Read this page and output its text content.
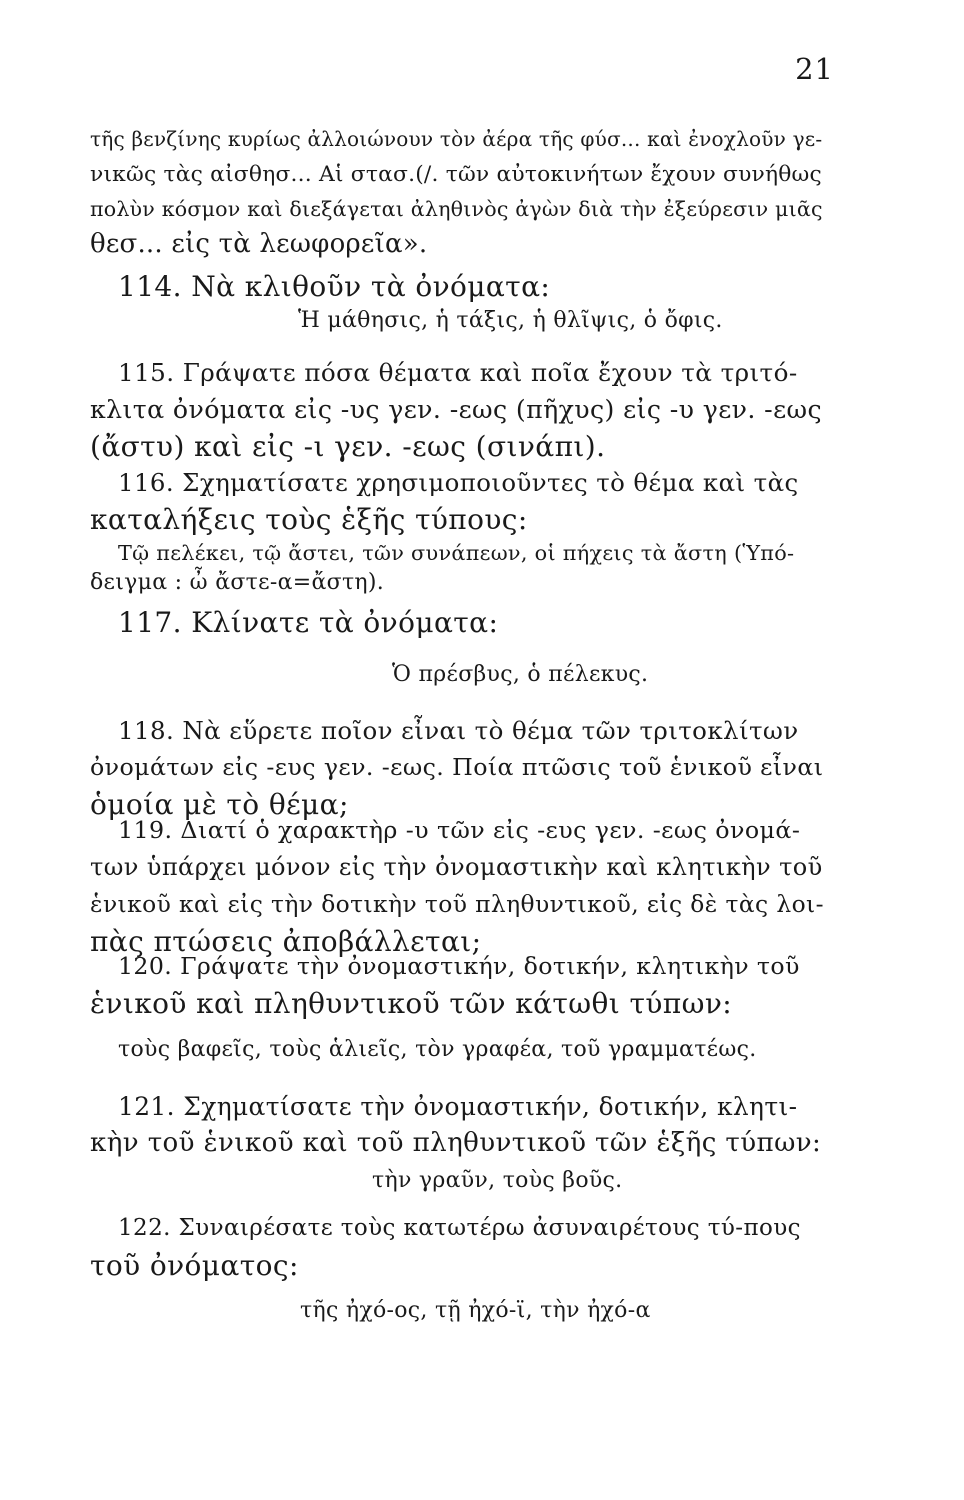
21
τῆς βενζίνης κυρίως ἀλλοιώνουν τὸν ἀέρα τῆς φύσ... καὶ ἐνοχλοῦν γε-
νικῶς τὰς αἰσθησ... Αἱ στασ.(/. τῶν αὐτοκινήτων ἔχουν συνήθως
πολὺν κόσμον καὶ διεξάγεται ἀληθινὸς ἀγὼν διὰ τὴν ἐξεύρεσιν μιᾶς
θεσ... εἰς τὰ λεωφορεῖα».
114. Νὰ κλιθοῦν τὰ ὀνόματα:
Ἡ μάθησις, ἡ τάξις, ἡ θλῖψις, ὁ ὄφις.
115. Γράψατε πόσα θέματα καὶ ποῖα ἔχουν τὰ τριτό-
κλιτα ὀνόματα εἰς -υς γεν. -εως (πῆχυς) εἰς -υ γεν. -εως
(ἄστυ) καὶ εἰς -ι γεν. -εως (σινάπι).
116. Σχηματίσατε χρησιμοποιοῦντες τὸ θέμα καὶ τὰς
καταλήξεις τοὺς ἑξῆς τύπους:
Τῷ πελέκει, τῷ ἄστει, τῶν συνάπεων, οἱ πήχεις τὰ ἄστη (Ὑπό-
δειγμα : ὦ ἄστε-α=ἄστη).
117. Κλίνατε τὰ ὀνόματα:
Ὁ πρέσβυς, ὁ πέλεκυς.
118. Νὰ εὕρετε ποῖον εἶναι τὸ θέμα τῶν τριτοκλίτων
ὀνομάτων εἰς -ευς γεν. -εως. Ποία πτῶσις τοῦ ἑνικοῦ εἶναι
ὁμοία μὲ τὸ θέμα;
119. Διατί ὁ χαρακτὴρ -υ τῶν εἰς -ευς γεν. -εως ὀνομά-
των ὑπάρχει μόνον εἰς τὴν ὀνομαστικὴν καὶ κλητικὴν τοῦ
ἑνικοῦ καὶ εἰς τὴν δοτικὴν τοῦ πληθυντικοῦ, εἰς δὲ τὰς λοι-
πὰς πτώσεις ἀποβάλλεται;
120. Γράψατε τὴν ὀνομαστικήν, δοτικήν, κλητικὴν τοῦ
ἑνικοῦ καὶ πληθυντικοῦ τῶν κάτωθι τύπων:
τοὺς βαφεῖς, τοὺς ἁλιεῖς, τὸν γραφέα, τοῦ γραμματέως.
121. Σχηματίσατε τὴν ὀνομαστικήν, δοτικήν, κλητι-
κὴν τοῦ ἑνικοῦ καὶ τοῦ πληθυντικοῦ τῶν ἑξῆς τύπων:
τὴν γραῦν, τοὺς βοῦς.
122. Συναιρέσατε τοὺς κατωτέρω ἀσυναιρέτους τύ-πους
τοῦ ὀνόματος:
τῆς ἠχό-ος, τῇ ἠχό-ϊ, τὴν ἠχό-α
